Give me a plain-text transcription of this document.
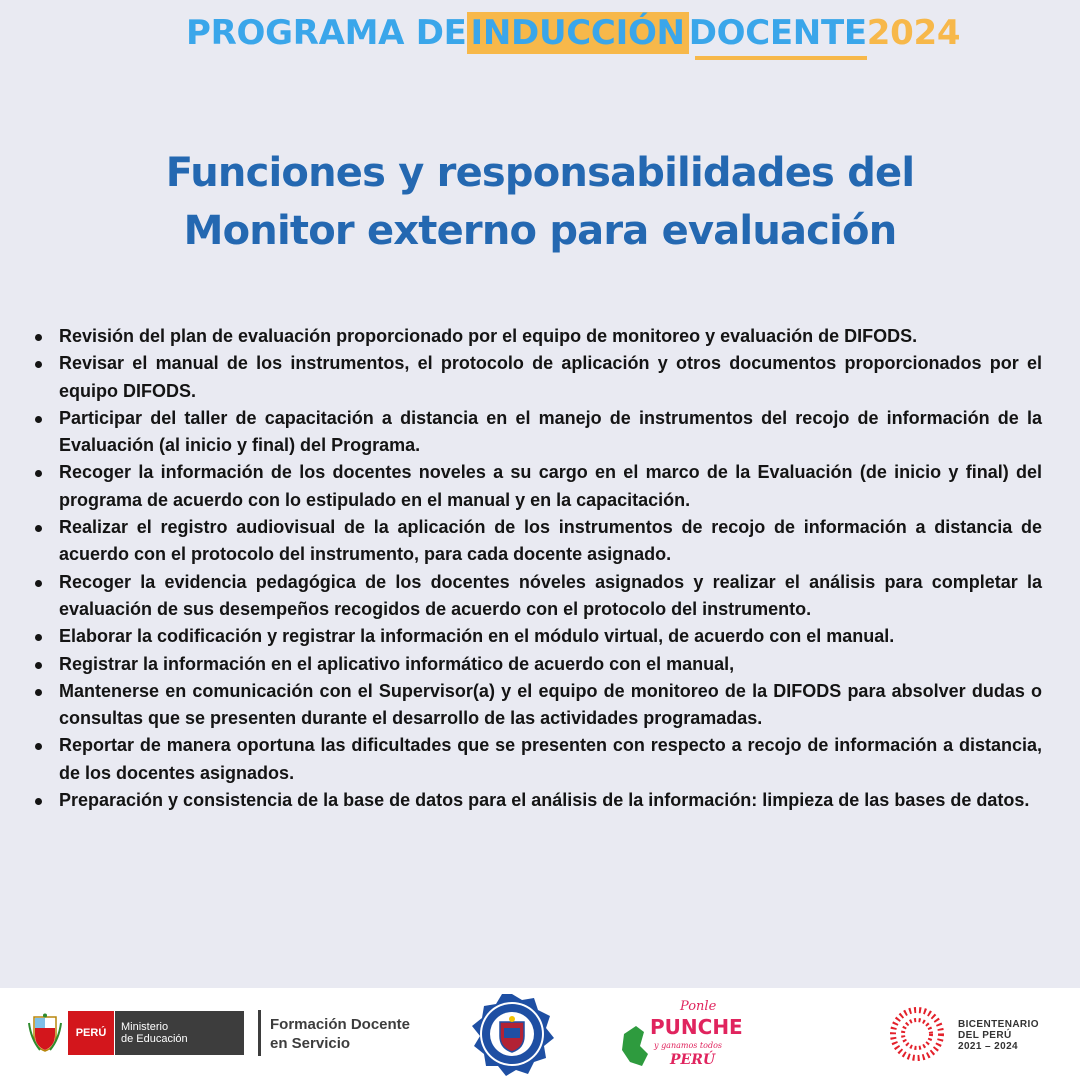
PROGRAMA DEINDUCCIÓN DOCENTE2024
Funciones y responsabilidades del
Monitor externo para evaluación
Revisión del plan de evaluación proporcionado por el equipo de monitoreo y evaluación de DIFODS.
Revisar el manual de los instrumentos, el protocolo de aplicación y otros documentos proporcionados por el equipo DIFODS.
Participar del taller de capacitación a distancia en el manejo de instrumentos del recojo de información de la Evaluación (al inicio y final) del Programa.
Recoger la información de los docentes noveles a su cargo en el marco de la Evaluación (de inicio y final) del programa de acuerdo con lo estipulado en el manual y en la capacitación.
Realizar el registro audiovisual de la aplicación de los instrumentos de recojo de información a distancia de acuerdo con el protocolo del instrumento, para cada docente asignado.
Recoger la evidencia pedagógica de los docentes nóveles asignados y realizar el análisis para completar la evaluación de sus desempeños recogidos de acuerdo con el protocolo del instrumento.
Elaborar la codificación y registrar la información en el módulo virtual, de acuerdo con el manual.
Registrar la información en el aplicativo informático de acuerdo con el manual,
Mantenerse en comunicación con el Supervisor(a) y el equipo de monitoreo de la DIFODS para absolver dudas o consultas que se presenten durante el desarrollo de las actividades programadas.
Reportar de manera oportuna las dificultades que se presenten con respecto a recojo de información a distancia, de los docentes asignados.
Preparación y consistencia de la base de datos para el análisis de la información: limpieza de las bases de datos.
PERÚ	Ministerio
de Educación
Formación Docente
en Servicio
Ponle
PUNCHE
y ganamos todos
PERÚ
BICENTENARIO
DEL PERÚ
2021 – 2024
